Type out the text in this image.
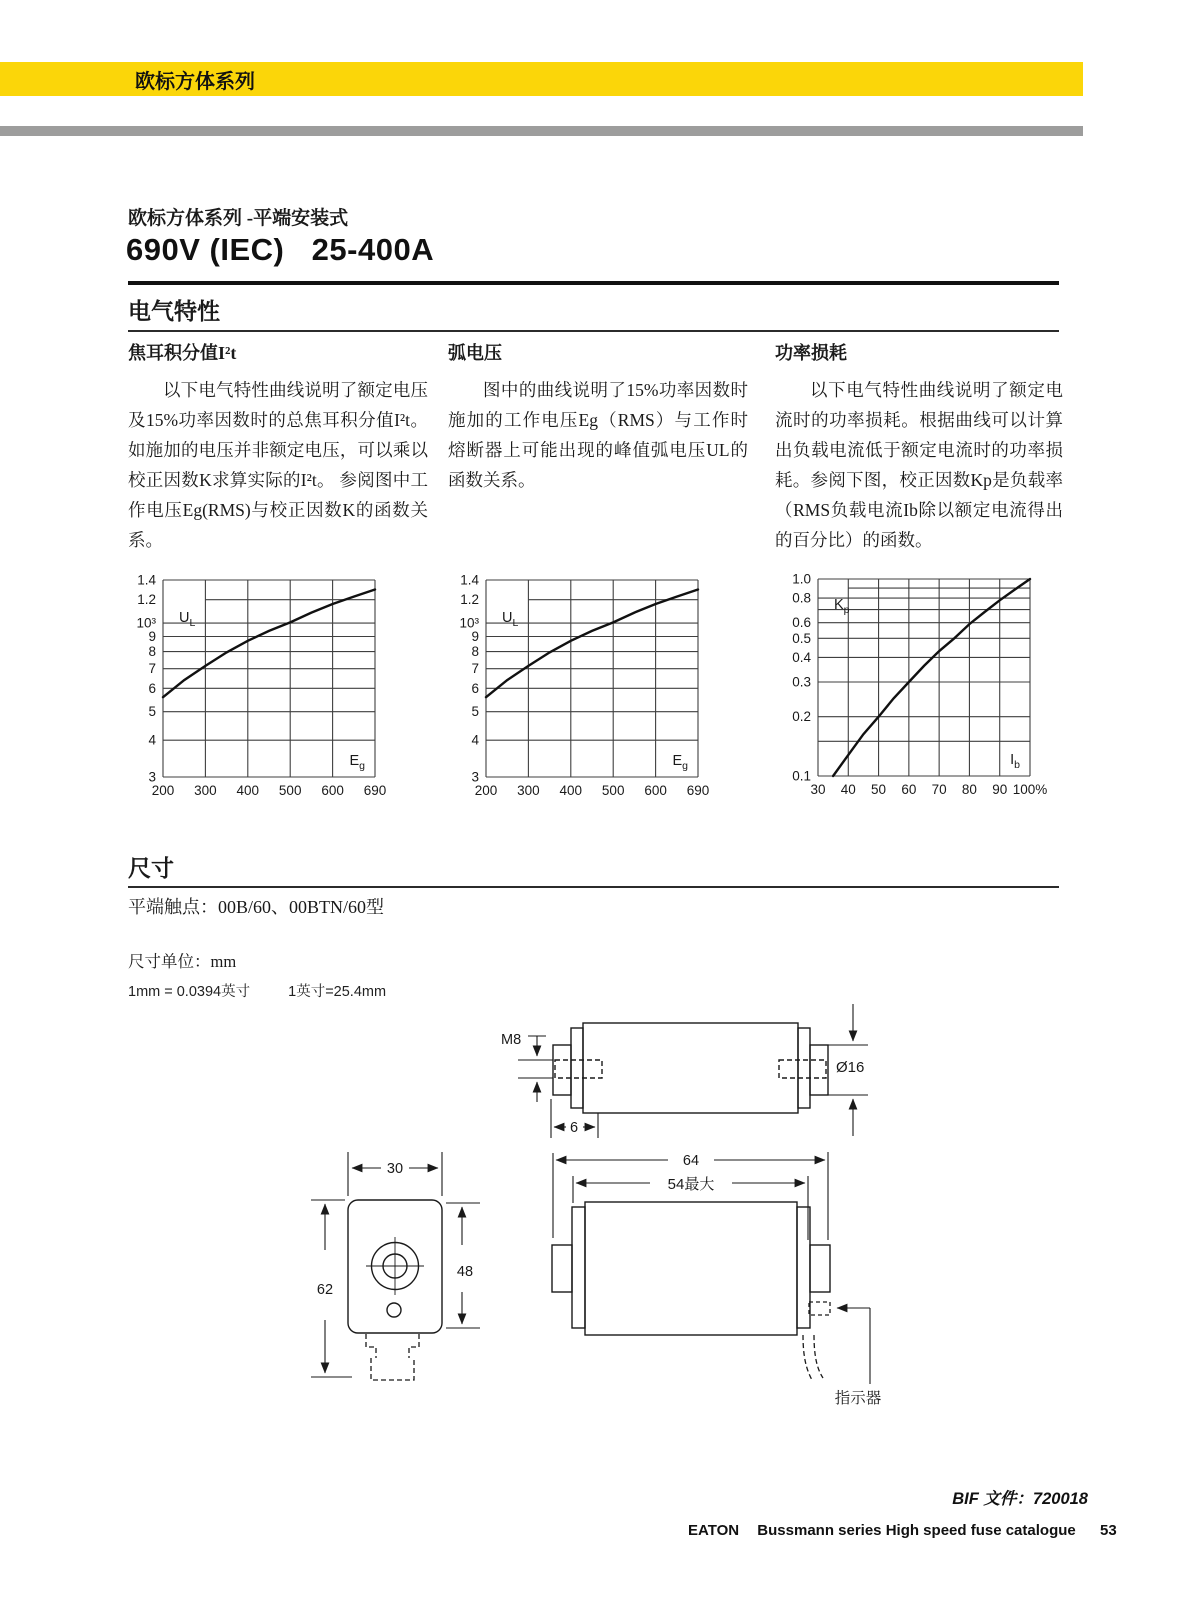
欧标方体系列
欧标方体系列 -平端安装式
690V (IEC)   25-400A
电气特性
焦耳积分值I²t

以下电气特性曲线说明了额定电压及15%功率因数时的总焦耳积分值I²t。如施加的电压并非额定电压，可以乘以校正因数K求算实际的I²t。 参阅图中工作电压Eg(RMS)与校正因数K的函数关系。

弧电压

图中的曲线说明了15%功率因数时施加的工作电压Eg（RMS）与工作时熔断器上可能出现的峰值弧电压UL的函数关系。

功率损耗

以下电气特性曲线说明了额定电流时的功率损耗。根据曲线可以计算出负载电流低于额定电流时的功率损耗。参阅下图，校正因数Kp是负载率（RMS负载电流Ib除以额定电流得出的百分比）的函数。

3
4
5
6
7
8
9
10³
1.2
1.4
200 300 400 500 600 690
$U_L$
$E_g$
3
4
5
6
7
8
9
10³
1.2
1.4
200 300 400 500 600 690
$U_L$
$E_g$
0.1
0.2
0.3
0.4
0.5
0.6
0.8
1.0
30 40 50 60 70 80 90 100%
$K_p$
$I_b$
尺寸
平端触点：00B/60、00BTN/60型
尺寸单位：mm
1mm = 0.0394英寸	1英寸=25.4mm
M8
Ø16
6
30
62
48
64
54最大
指示器
BIF 文件：720018
EATON Bussmann series High speed fuse catalogue 53
